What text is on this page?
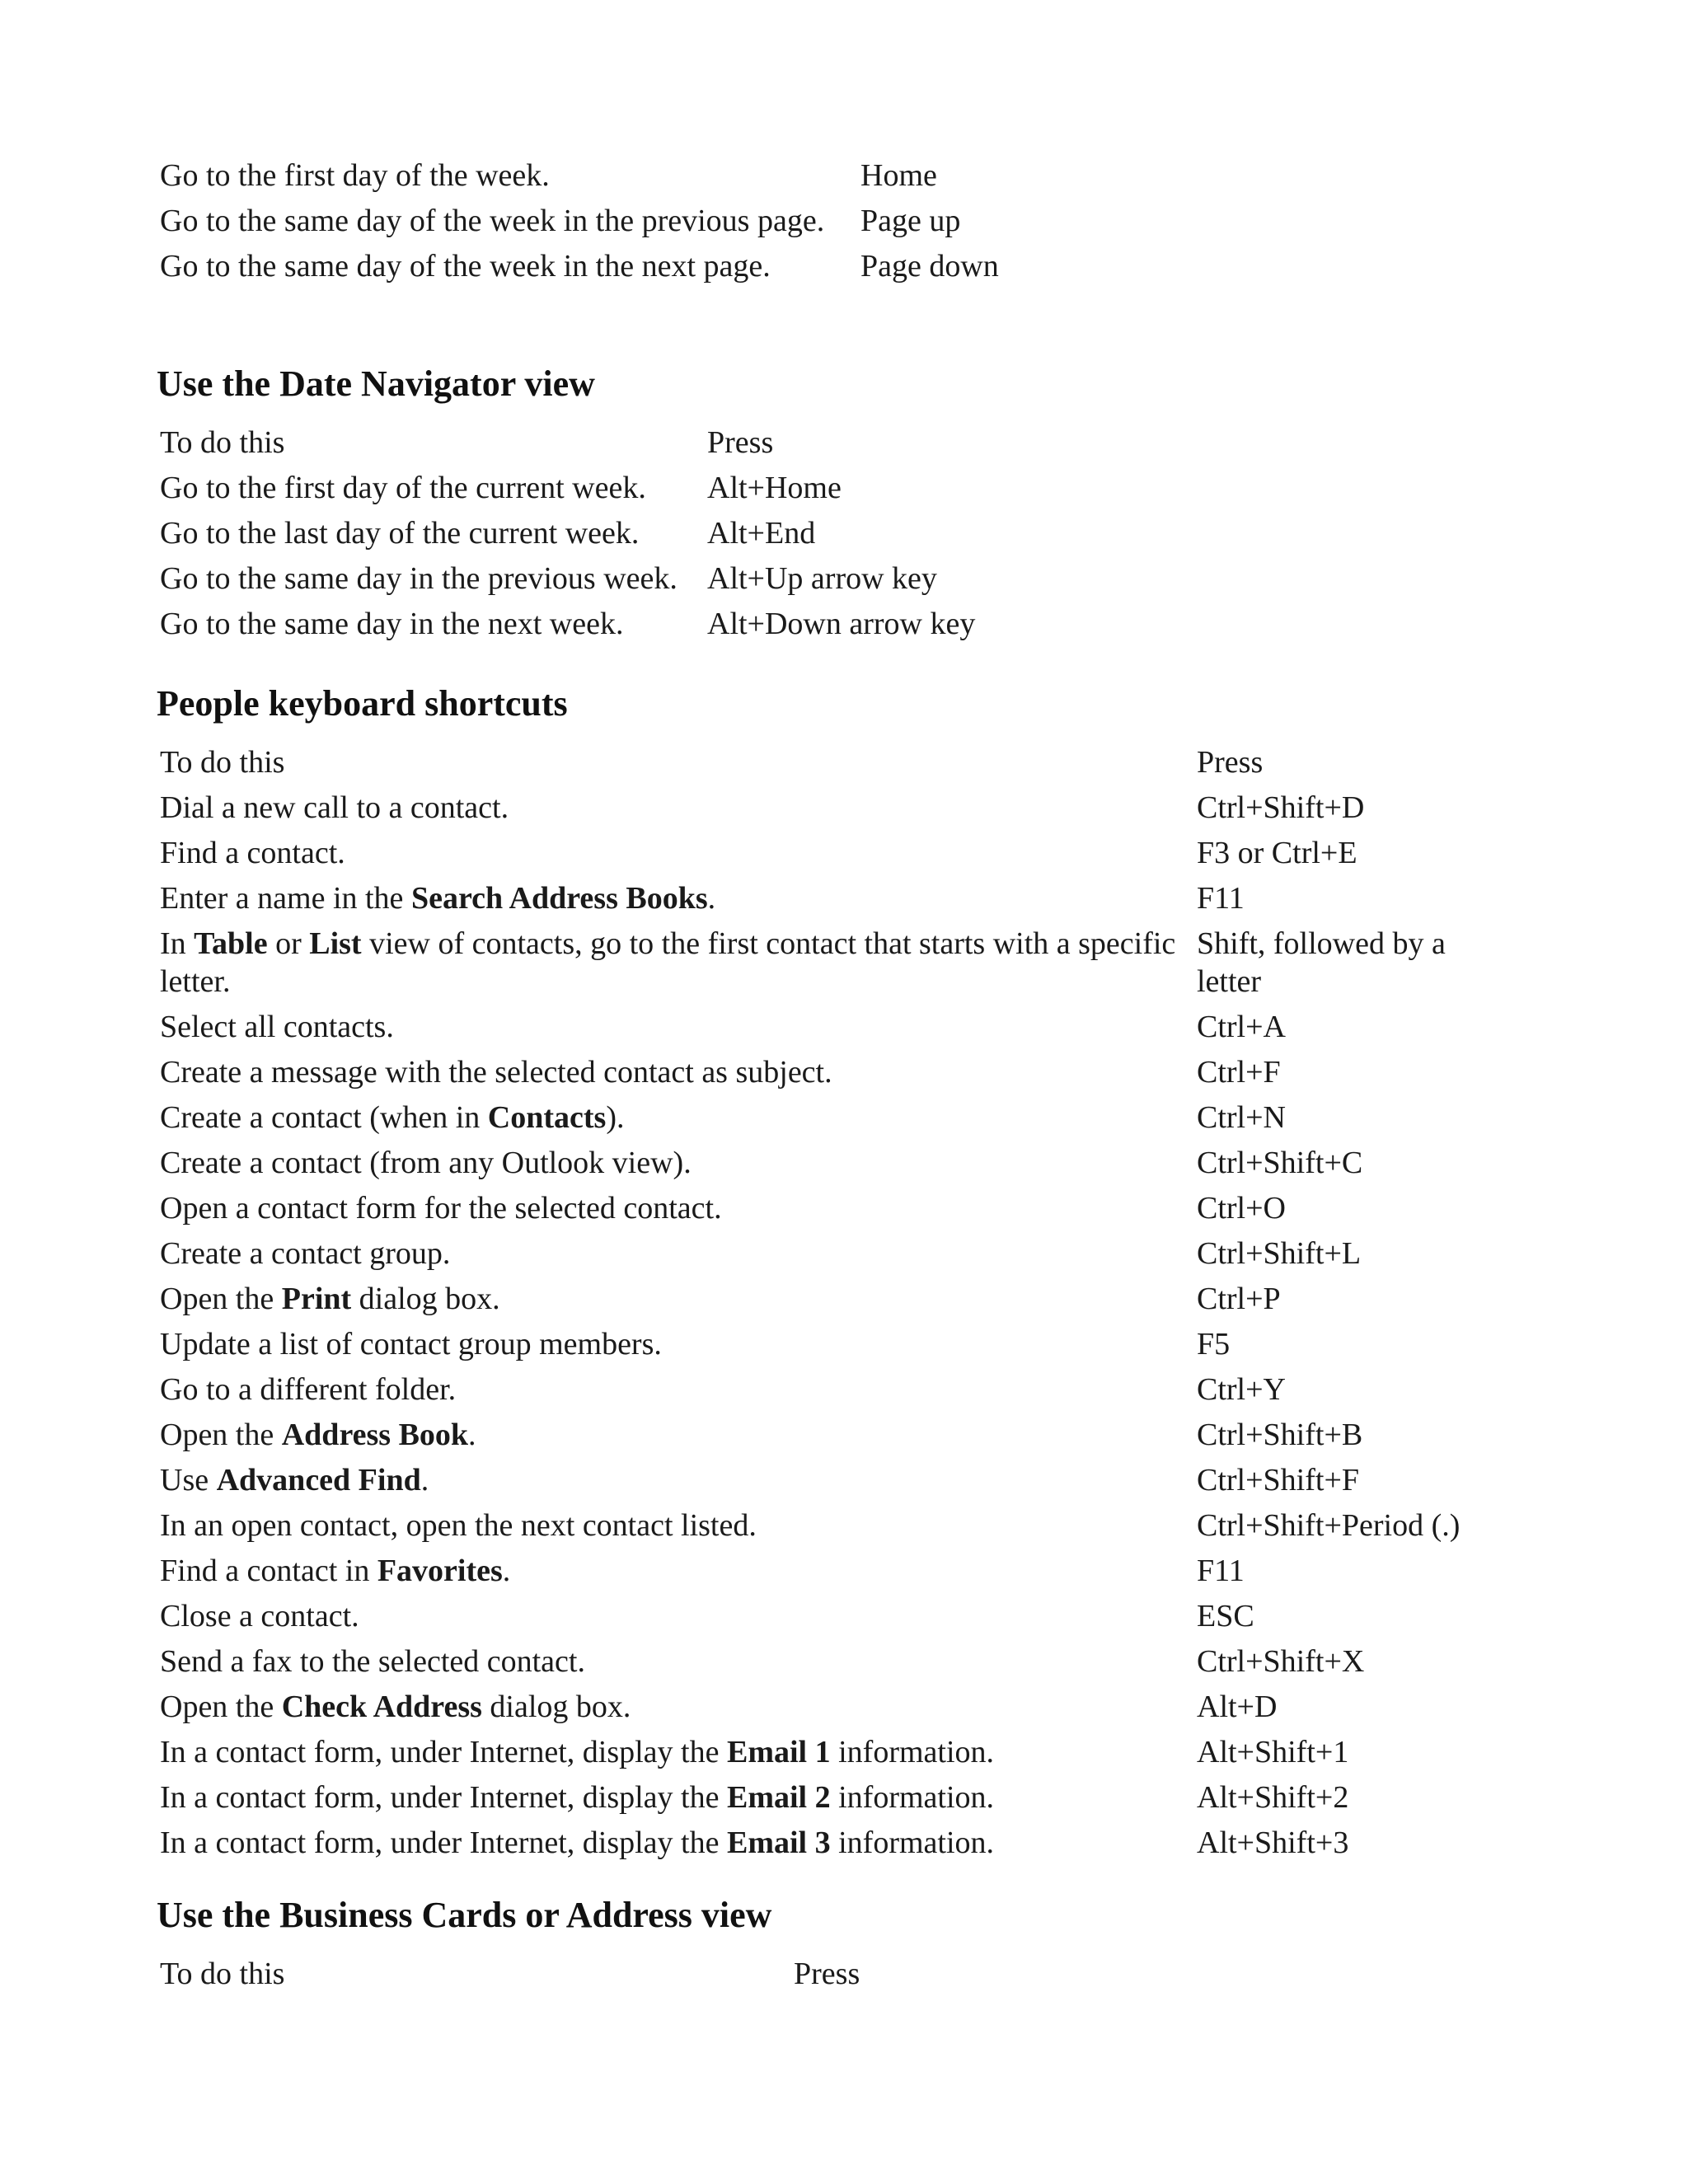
Go to the first day of the week.	Home
Go to the same day of the week in the previous page.	Page up
Go to the same day of the week in the next page.	Page down
Use the Date Navigator view
To do this	Press
Go to the first day of the current week.	Alt+Home
Go to the last day of the current week.	Alt+End
Go to the same day in the previous week.	Alt+Up arrow key
Go to the same day in the next week.	Alt+Down arrow key
People keyboard shortcuts
To do this	Press
Dial a new call to a contact.	Ctrl+Shift+D
Find a contact.	F3 or Ctrl+E
Enter a name in the Search Address Books.	F11
In Table or List view of contacts, go to the first contact that starts with a specific letter.	Shift, followed by a letter
Select all contacts.	Ctrl+A
Create a message with the selected contact as subject.	Ctrl+F
Create a contact (when in Contacts).	Ctrl+N
Create a contact (from any Outlook view).	Ctrl+Shift+C
Open a contact form for the selected contact.	Ctrl+O
Create a contact group.	Ctrl+Shift+L
Open the Print dialog box.	Ctrl+P
Update a list of contact group members.	F5
Go to a different folder.	Ctrl+Y
Open the Address Book.	Ctrl+Shift+B
Use Advanced Find.	Ctrl+Shift+F
In an open contact, open the next contact listed.	Ctrl+Shift+Period (.)
Find a contact in Favorites.	F11
Close a contact.	ESC
Send a fax to the selected contact.	Ctrl+Shift+X
Open the Check Address dialog box.	Alt+D
In a contact form, under Internet, display the Email 1 information.	Alt+Shift+1
In a contact form, under Internet, display the Email 2 information.	Alt+Shift+2
In a contact form, under Internet, display the Email 3 information.	Alt+Shift+3
Use the Business Cards or Address view
To do this	Press
